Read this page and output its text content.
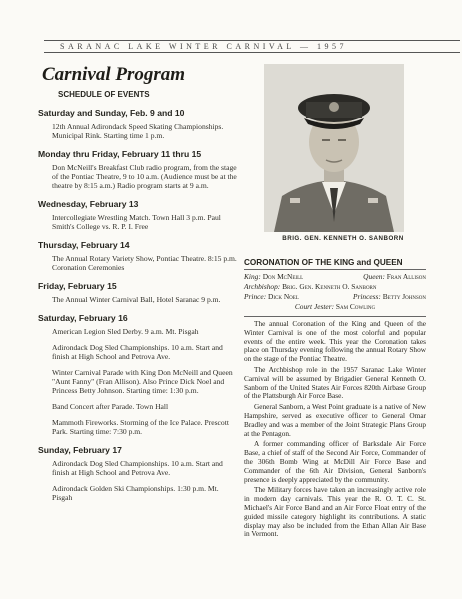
SARANAC LAKE WINTER CARNIVAL — 1957
Carnival Program
SCHEDULE OF EVENTS
Saturday and Sunday, Feb. 9 and 10
12th Annual Adirondack Speed Skating Championships. Municipal Rink. Starting time 1 p.m.
Monday thru Friday, February 11 thru 15
Don McNeill's Breakfast Club radio program, from the stage of the Pontiac Theatre, 9 to 10 a.m. (Audience must be at the theatre by 8:15 a.m.) Radio program starts at 9 a.m.
Wednesday, February 13
Intercollegiate Wrestling Match. Town Hall 3 p.m. Paul Smith's College vs. R. P. I. Free
Thursday, February 14
The Annual Rotary Variety Show, Pontiac Theatre. 8:15 p.m. Coronation Ceremonies
Friday, February 15
The Annual Winter Carnival Ball, Hotel Saranac 9 p.m.
Saturday, February 16
American Legion Sled Derby. 9 a.m. Mt. Pisgah
Adirondack Dog Sled Championships. 10 a.m. Start and finish at High School and Petrova Ave.
Winter Carnival Parade with King Don McNeill and Queen "Aunt Fanny" (Fran Allison). Also Prince Dick Noel and Princess Betty Johnson. Starting time: 1:30 p.m.
Band Concert after Parade. Town Hall
Mammoth Fireworks. Storming of the Ice Palace. Prescott Park. Starting time: 7:30 p.m.
Sunday, February 17
Adirondack Dog Sled Championships. 10 a.m. Start and finish at High School and Petrova Ave.
Adirondack Golden Ski Championships. 1:30 p.m. Mt. Pisgah
BRIG. GEN. KENNETH O. SANBORN
CORONATION OF THE KING and QUEEN
King: Don McNeill	Queen: Fran Allison
Archbishop: Brig. Gen. Kenneth O. Sanborn
Prince: Dick Noel	Princess: Betty Johnson
Court Jester: Sam Cowling

The annual Coronation of the King and Queen of the Winter Carnival is one of the most colorful and popular events of the entire week. This year the Coronation takes place on Thursday evening following the annual Rotary Show on the stage of the Pontiac Theatre.

The Archbishop role in the 1957 Saranac Lake Winter Carnival will be assumed by Brigadier General Kenneth O. Sanborn of the United States Air Forces 820th Airbase Group of the Plattsburgh Air Force Base.

General Sanborn, a West Point graduate is a native of New Hampshire, served as executive officer to General Omar Bradley and was a member of the Joint Strategic Plans Group at the Pentagon.

A former commanding officer of Barksdale Air Force Base, a chief of staff of the Second Air Force, Commander of the 306th Bomb Wing at McDill Air Force Base and Commander of the 6th Air Division, General Sanborn's presence is deeply appreciated by the community.

The Military forces have taken an increasingly active role in modern day carnivals. This year the R. O. T. C. St. Michael's Air Force Band and an Air Force Float entry of the guided missile category highlight its contributions. A static display may also be included from the Ethan Allan Air Base in Vermont.
